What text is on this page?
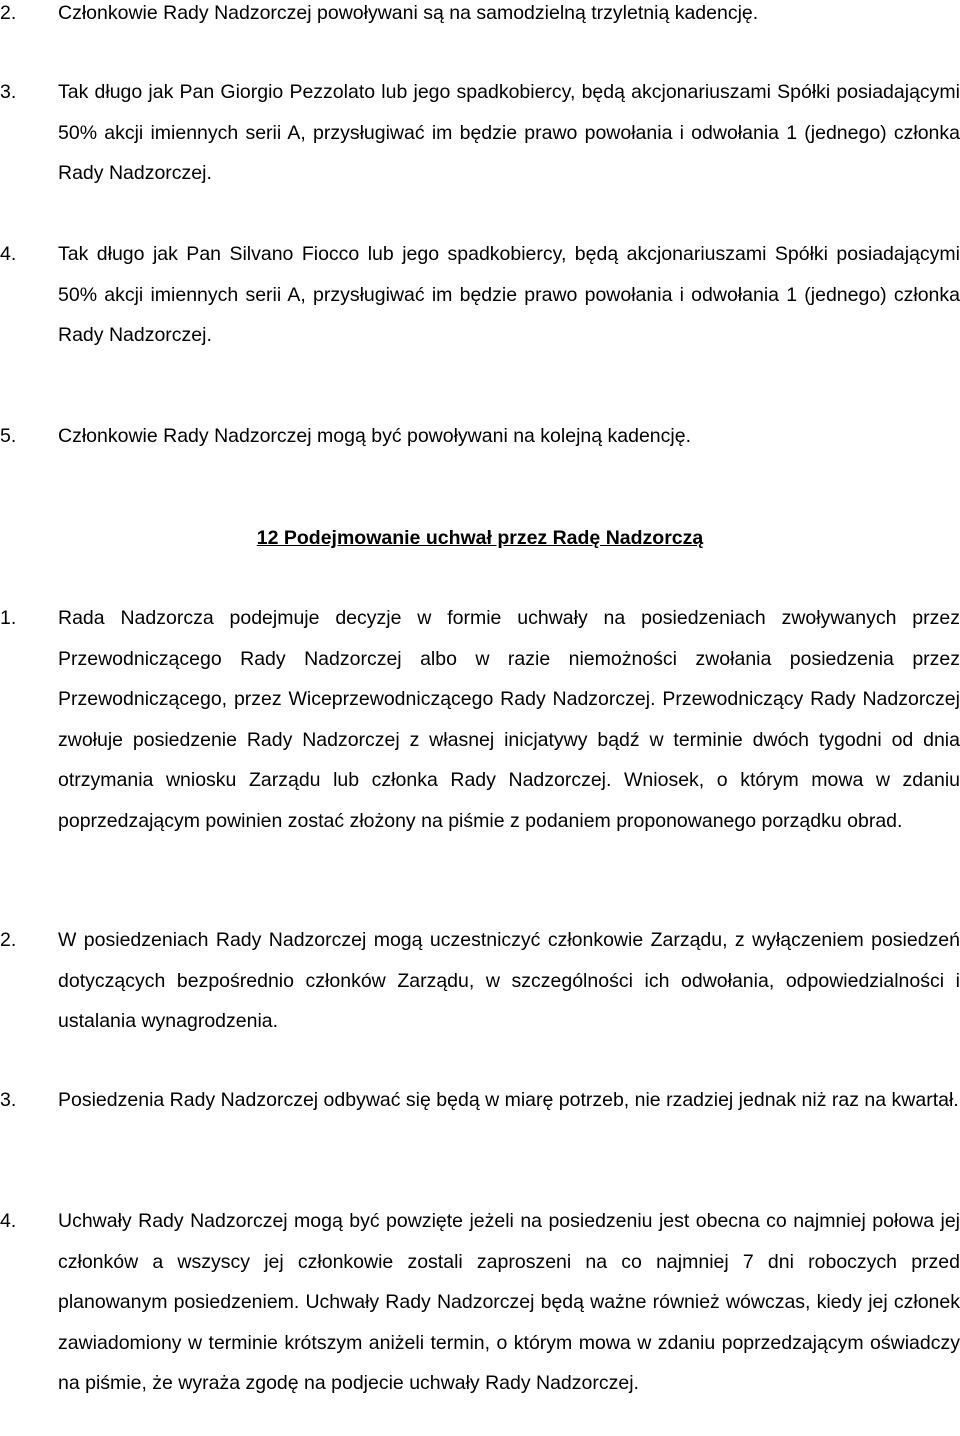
2. Członkowie Rady Nadzorczej powoływani są na samodzielną trzyletnią kadencję.
3. Tak długo jak Pan Giorgio Pezzolato lub jego spadkobiercy, będą akcjonariuszami Spółki posiadającymi 50% akcji imiennych serii A, przysługiwać im będzie prawo powołania i odwołania 1 (jednego) członka Rady Nadzorczej.
4. Tak długo jak Pan Silvano Fiocco lub jego spadkobiercy, będą akcjonariuszami Spółki posiadającymi 50% akcji imiennych serii A, przysługiwać im będzie prawo powołania i odwołania 1 (jednego) członka Rady Nadzorczej.
5. Członkowie Rady Nadzorczej mogą być powoływani na kolejną kadencję.
12 Podejmowanie uchwał przez Radę Nadzorczą
1. Rada Nadzorcza podejmuje decyzje w formie uchwały na posiedzeniach zwoływanych przez Przewodniczącego Rady Nadzorczej albo w razie niemożności zwołania posiedzenia przez Przewodniczącego, przez Wiceprzewodniczącego Rady Nadzorczej. Przewodniczący Rady Nadzorczej zwołuje posiedzenie Rady Nadzorczej z własnej inicjatywy bądź w terminie dwóch tygodni od dnia otrzymania wniosku Zarządu lub członka Rady Nadzorczej. Wniosek, o którym mowa w zdaniu poprzedzającym powinien zostać złożony na piśmie z podaniem proponowanego porządku obrad.
2. W posiedzeniach Rady Nadzorczej mogą uczestniczyć członkowie Zarządu, z wyłączeniem posiedzeń dotyczących bezpośrednio członków Zarządu, w szczególności ich odwołania, odpowiedzialności i ustalania wynagrodzenia.
3. Posiedzenia Rady Nadzorczej odbywać się będą w miarę potrzeb, nie rzadziej jednak niż raz na kwartał.
4. Uchwały Rady Nadzorczej mogą być powzięte jeżeli na posiedzeniu jest obecna co najmniej połowa jej członków a wszyscy jej członkowie zostali zaproszeni na co najmniej 7 dni roboczych przed planowanym posiedzeniem. Uchwały Rady Nadzorczej będą ważne również wówczas, kiedy jej członek zawiadomiony w terminie krótszym aniżeli termin, o którym mowa w zdaniu poprzedzającym oświadczy na piśmie, że wyraża zgodę na podjecie uchwały Rady Nadzorczej.
